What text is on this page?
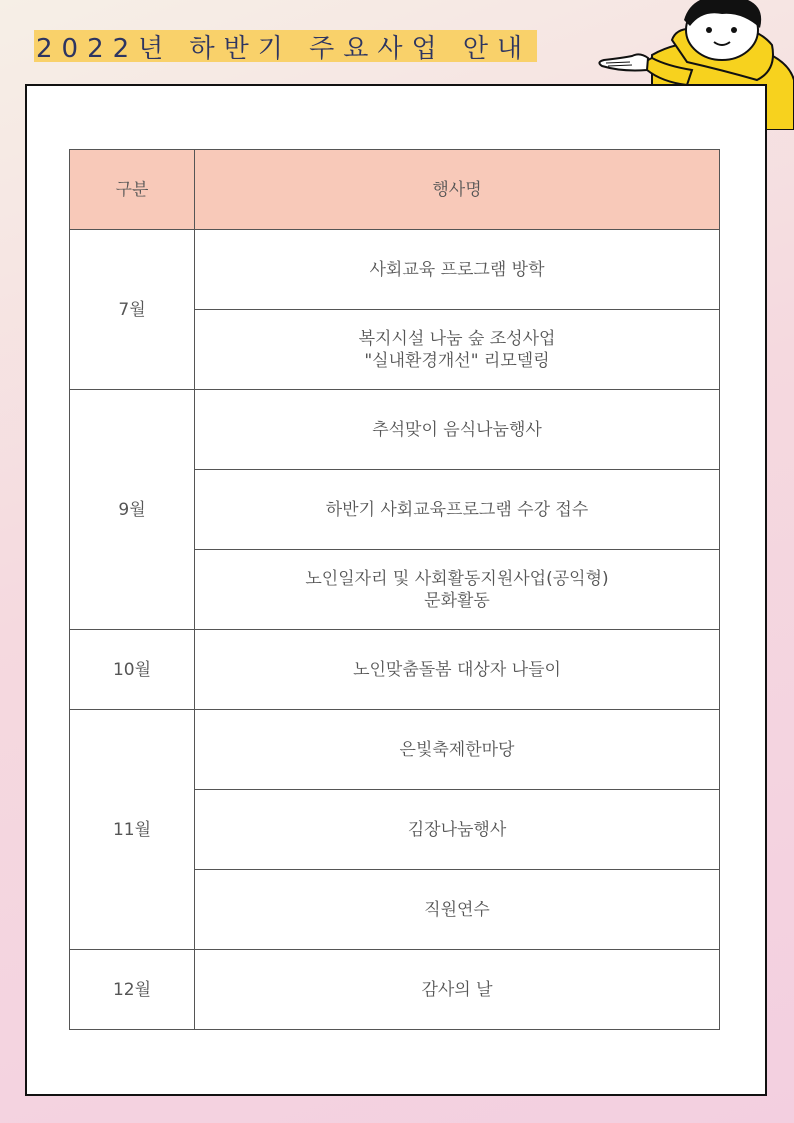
2022년 하반기 주요사업 안내
구분	행사명
7월	사회교육 프로그램 방학
	복지시설 나눔 숲 조성사업
"실내환경개선" 리모델링
9월	추석맞이 음식나눔행사
	하반기 사회교육프로그램 수강 접수
	노인일자리 및 사회활동지원사업(공익형)
문화활동
10월	노인맞춤돌봄 대상자 나들이
11월	은빛축제한마당
	김장나눔행사
	직원연수
12월	감사의 날
